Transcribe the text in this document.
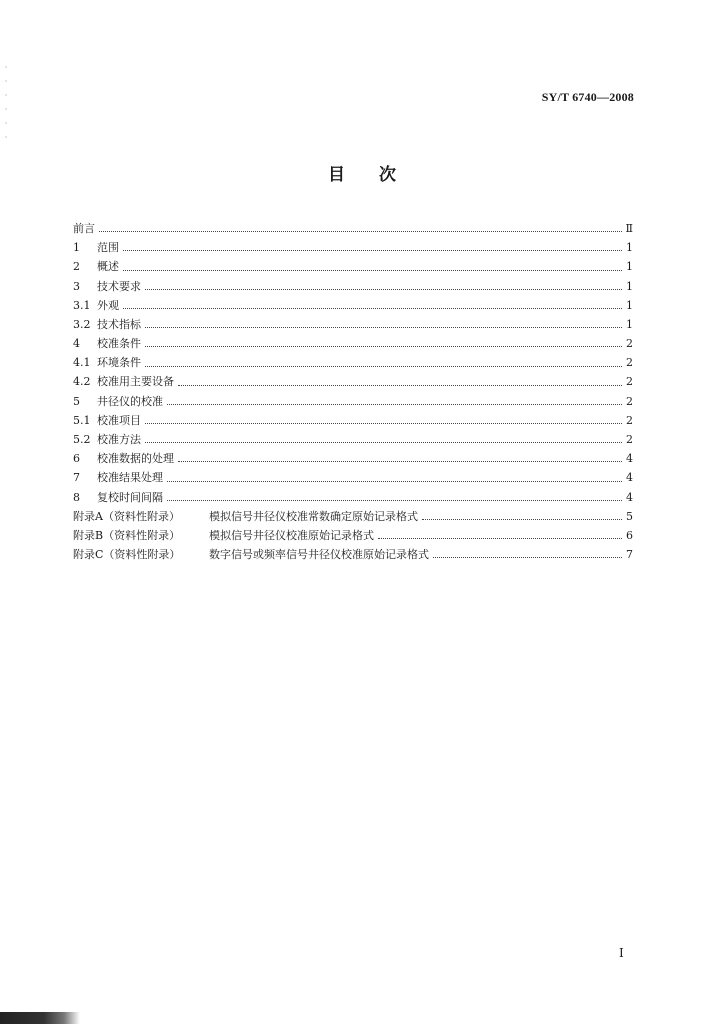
SY/T 6740—2008
目 次
前言	Ⅱ
1	范围	1
2	概述	1
3	技术要求	1
3.1 外观	1
3.2 技术指标	1
4	校准条件	2
4.1 环境条件	2
4.2 校准用主要设备	2
5	井径仪的校准	2
5.1 校准项目	2
5.2 校准方法	2
6	校准数据的处理	4
7	校准结果处理	4
8	复校时间间隔	4
附录A（资料性附录）	模拟信号井径仪校准常数确定原始记录格式	5
附录B（资料性附录）	模拟信号井径仪校准原始记录格式	6
附录C（资料性附录）	数字信号或频率信号井径仪校准原始记录格式	7
I
